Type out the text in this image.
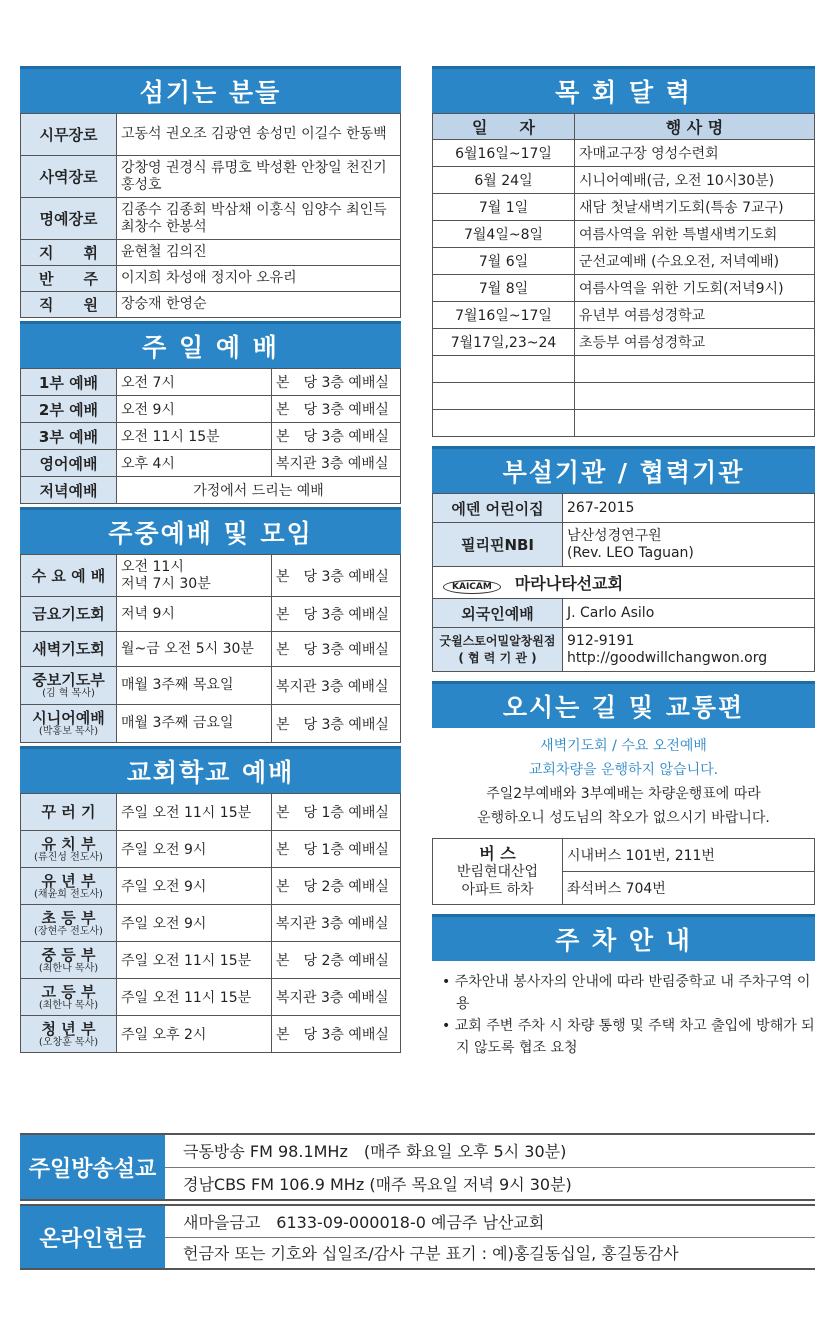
섬기는 분들
시무장로	고동석 권오조 김광연 송성민 이길수 한동백
사역장로	강창영 권경식 류명호 박성환 안창일 천진기 홍성호
명예장로	김종수 김종회 박삼채 이홍식 임양수 최인득 최창수 한봉석
지　　휘	윤현철 김의진
반　　주	이지희 차성애 정지아 오유리
직　　원	장숭재 한영순
주 일 예 배
1부 예배	오전 7시	본　당 3층 예배실
2부 예배	오전 9시	본　당 3층 예배실
3부 예배	오전 11시 15분	본　당 3층 예배실
영어예배	오후 4시	복지관 3층 예배실
저녁예배	가정에서 드리는 예배	
주중예배 및 모임
수 요 예 배	오전 11시
저녁 7시 30분	본　당 3층 예배실
금요기도회	저녁 9시	본　당 3층 예배실
새벽기도회	월~금 오전 5시 30분	본　당 3층 예배실
중보기도부
(김 혁 목사)	매월 3주째 목요일	복지관 3층 예배실
시니어예배
(박홍보 목사)	매월 3주째 금요일	본　당 3층 예배실
교회학교 예배
꾸 러 기	주일 오전 11시 15분	본　당 1층 예배실
유 치 부
(류진성 전도사)	주일 오전 9시	본　당 1층 예배실
유 년 부
(채윤희 전도사)	주일 오전 9시	본　당 2층 예배실
초 등 부
(장현주 전도사)	주일 오전 9시	복지관 3층 예배실
중 등 부
(최한나 목사)	주일 오전 11시 15분	본　당 2층 예배실
고 등 부
(최한나 목사)	주일 오전 11시 15분	복지관 3층 예배실
청 년 부
(오창훈 목사)	주일 오후 2시	본　당 3층 예배실
목 회 달 력
일　　자	행 사 명
6월16일~17일	자매교구장 영성수련회
6월 24일	시니어예배(금, 오전 10시30분)
7월 1일	새담 첫날새벽기도회(특송 7교구)
7월4일~8일	여름사역을 위한 특별새벽기도회
7월 6일	군선교예배 (수요오전, 저녁예배)
7월 8일	여름사역을 위한 기도회(저녁9시)
7월16일~17일	유년부 여름성경학교
7월17일,23~24	초등부 여름성경학교

부설기관 / 협력기관
에덴 어린이집	267-2015
필리핀NBI	남산성경연구원
(Rev. LEO Taguan)
KAICAM 마라나타선교회	
외국인예배	J. Carlo Asilo
굿윌스토어밀알창원점
( 협 력 기 관 )	912-9191
http://goodwillchangwon.org
오시는 길 및 교통편
새벽기도회 / 수요 오전예배
교회차량을 운행하지 않습니다.
주일2부예배와 3부예배는 차량운행표에 따라
운행하오니 성도님의 착오가 없으시기 바랍니다.
버 스
반림현대산업
아파트 하차
	시내버스 101번, 211번
좌석버스 704번
주 차 안 내
• 주차안내 봉사자의 안내에 따라 반림중학교 내 주차구역 이용
• 교회 주변 주차 시 차량 통행 및 주택 차고 출입에 방해가 되지 않도록 협조 요청
주일방송설교
극동방송 FM 98.1MHz　(매주 화요일 오후 5시 30분)
경남CBS FM 106.9 MHz (매주 목요일 저녁 9시 30분)
온라인헌금
새마을금고　6133-09-000018-0 예금주 남산교회
헌금자 또는 기호와 십일조/감사 구분 표기 : 예)홍길동십일, 홍길동감사
